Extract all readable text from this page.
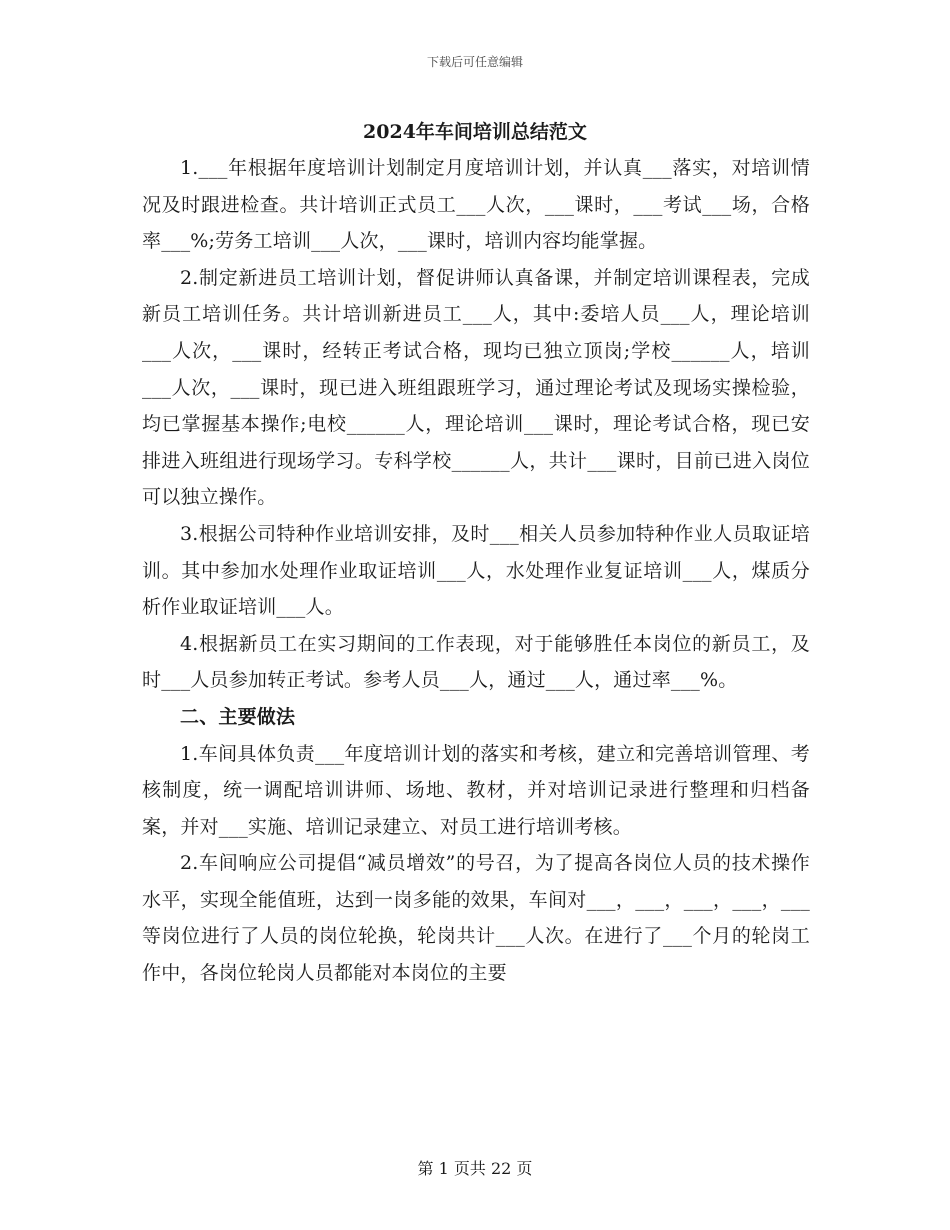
下载后可任意编辑
2024年车间培训总结范文

1.___年根据年度培训计划制定月度培训计划，并认真___落实，对培训情况及时跟进检查。共计培训正式员工___人次，___课时，___考试___场，合格率___%;劳务工培训___人次，___课时，培训内容均能掌握。

2.制定新进员工培训计划，督促讲师认真备课，并制定培训课程表，完成新员工培训任务。共计培训新进员工___人，其中:委培人员___人，理论培训___人次，___课时，经转正考试合格，现均已独立顶岗;学校______人，培训___人次，___课时，现已进入班组跟班学习，通过理论考试及现场实操检验，均已掌握基本操作;电校______人，理论培训___课时，理论考试合格，现已安排进入班组进行现场学习。专科学校______人，共计___课时，目前已进入岗位可以独立操作。

3.根据公司特种作业培训安排，及时___相关人员参加特种作业人员取证培训。其中参加水处理作业取证培训___人，水处理作业复证培训___人，煤质分析作业取证培训___人。

4.根据新员工在实习期间的工作表现，对于能够胜任本岗位的新员工，及时___人员参加转正考试。参考人员___人，通过___人，通过率___%。

二、主要做法

1.车间具体负责___年度培训计划的落实和考核，建立和完善培训管理、考核制度，统一调配培训讲师、场地、教材，并对培训记录进行整理和归档备案，并对___实施、培训记录建立、对员工进行培训考核。

2.车间响应公司提倡“减员增效”的号召，为了提高各岗位人员的技术操作水平，实现全能值班，达到一岗多能的效果，车间对___，___，___，___，___等岗位进行了人员的岗位轮换，轮岗共计___人次。在进行了___个月的轮岗工作中，各岗位轮岗人员都能对本岗位的主要

第 1 页共 22 页
